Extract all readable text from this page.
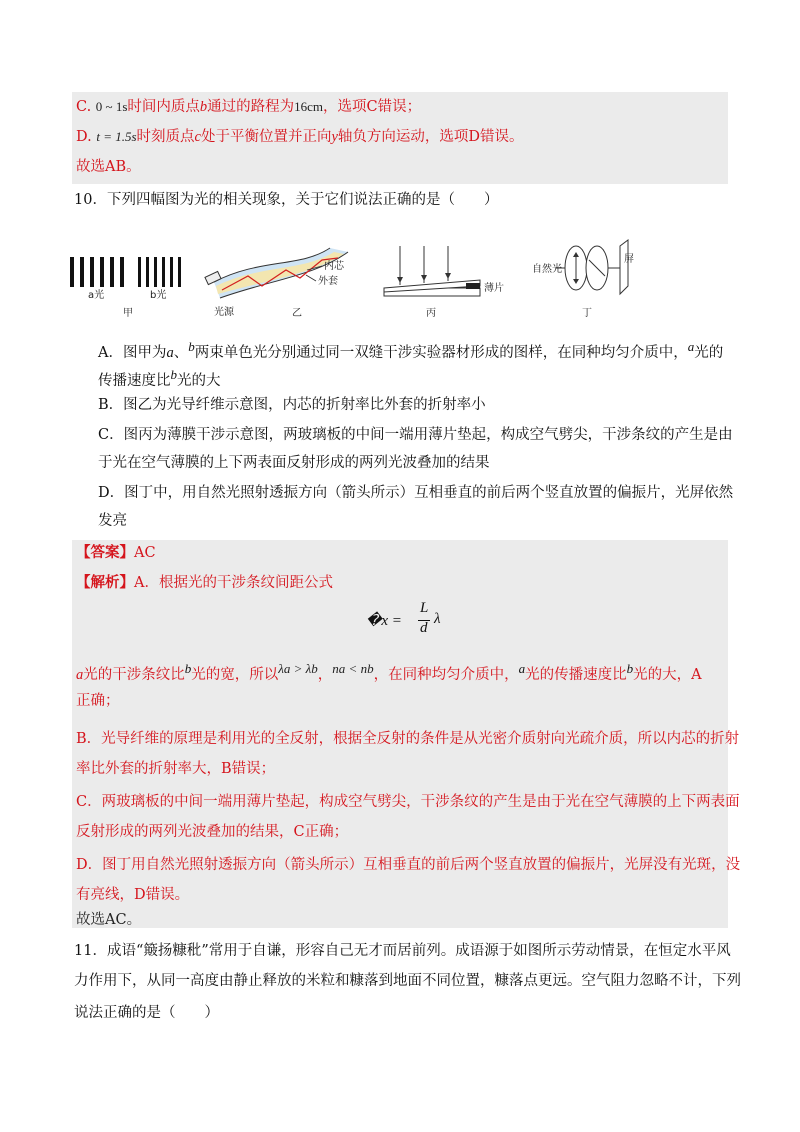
C. 0 ~ 1s时间内质点b通过的路程为16cm，选项C错误；
D. t = 1.5s时刻质点c处于平衡位置并正向y轴负方向运动，选项D错误。
故选AB。
10．下列四幅图为光的相关现象，关于它们说法正确的是（　　）
a光	b光
甲	光源
内芯
外套
乙
薄片
丙
自然光
屏
丁
A．图甲为a、b两束单色光分别通过同一双缝干涉实验器材形成的图样，在同种均匀介质中，a光的
传播速度比b光的大
B．图乙为光导纤维示意图，内芯的折射率比外套的折射率小
C．图丙为薄膜干涉示意图，两玻璃板的中间一端用薄片垫起，构成空气劈尖，干涉条纹的产生是由
于光在空气薄膜的上下两表面反射形成的两列光波叠加的结果
D．图丁中，用自然光照射透振方向（箭头所示）互相垂直的前后两个竖直放置的偏振片，光屏依然
发亮
【答案】AC
【解析】A．根据光的干涉条纹间距公式
�x =
L
d
λ
a光的干涉条纹比b光的宽，所以λa > λb，na < nb，在同种均匀介质中，a光的传播速度比b光的大，A
正确；
B．光导纤维的原理是利用光的全反射，根据全反射的条件是从光密介质射向光疏介质，所以内芯的折射
率比外套的折射率大，B错误；
C．两玻璃板的中间一端用薄片垫起，构成空气劈尖，干涉条纹的产生是由于光在空气薄膜的上下两表面
反射形成的两列光波叠加的结果，C正确；
D．图丁用自然光照射透振方向（箭头所示）互相垂直的前后两个竖直放置的偏振片，光屏没有光斑，没
有亮线，D错误。
故选AC。
11．成语“簸扬糠秕”常用于自谦，形容自己无才而居前列。成语源于如图所示劳动情景，在恒定水平风
力作用下，从同一高度由静止释放的米粒和糠落到地面不同位置，糠落点更远。空气阻力忽略不计，下列
说法正确的是（　　）
